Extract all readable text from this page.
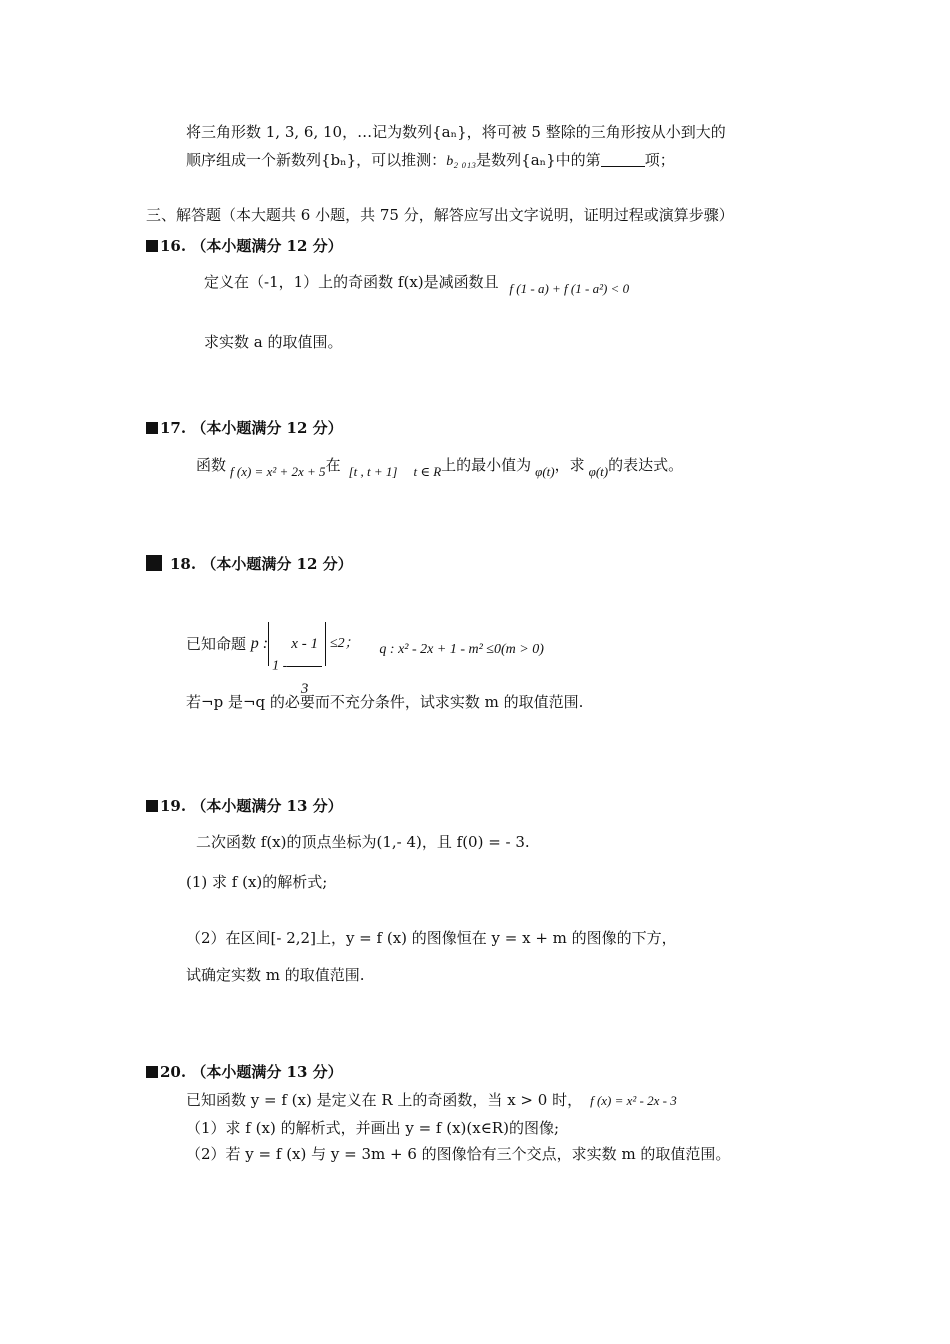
将三角形数 1, 3, 6, 10，…记为数列{aₙ}，将可被 5 整除的三角形按从小到大的
顺序组成一个新数列{bₙ}，可以推测：b₂ ₀₁₃是数列{aₙ}中的第	项；
三、解答题（本大题共 6 小题，共 75 分，解答应写出文字说明，证明过程或演算步骤）
16. （本小题满分 12 分）
定义在（-1，1）上的奇函数 f(x)是减函数且 f (1 - a) + f (1 - a²) < 0
求实数 a 的取值围。
17. （本小题满分 12 分）
函数 f (x) = x² + 2x + 5在 [t , t + 1] t ∈ R上的最小值为 φ(t)，求 φ(t)的表达式。
18. （本小题满分 12 分）
已知命题 p :1 - $\frac{x - 1}{3} \le 2$； q : x² - 2x + 1 - m² ≤0(m > 0)
若¬p 是¬q 的必要而不充分条件，试求实数 m 的取值范围.
19. （本小题满分 13 分）
二次函数 f(x)的顶点坐标为(1,- 4)，且 f(0) = - 3.
(1) 求 f (x)的解析式;
（2）在区间[- 2,2]上，y = f (x) 的图像恒在 y = x + m 的图像的下方，
试确定实数 m 的取值范围.
20. （本小题满分 13 分）
已知函数 y = f (x) 是定义在 R 上的奇函数，当 x > 0 时， f (x) = x² - 2x - 3
（1）求 f (x) 的解析式，并画出 y = f (x)(x∈R)的图像;
（2）若 y = f (x) 与 y = 3m + 6 的图像恰有三个交点，求实数 m 的取值范围。
